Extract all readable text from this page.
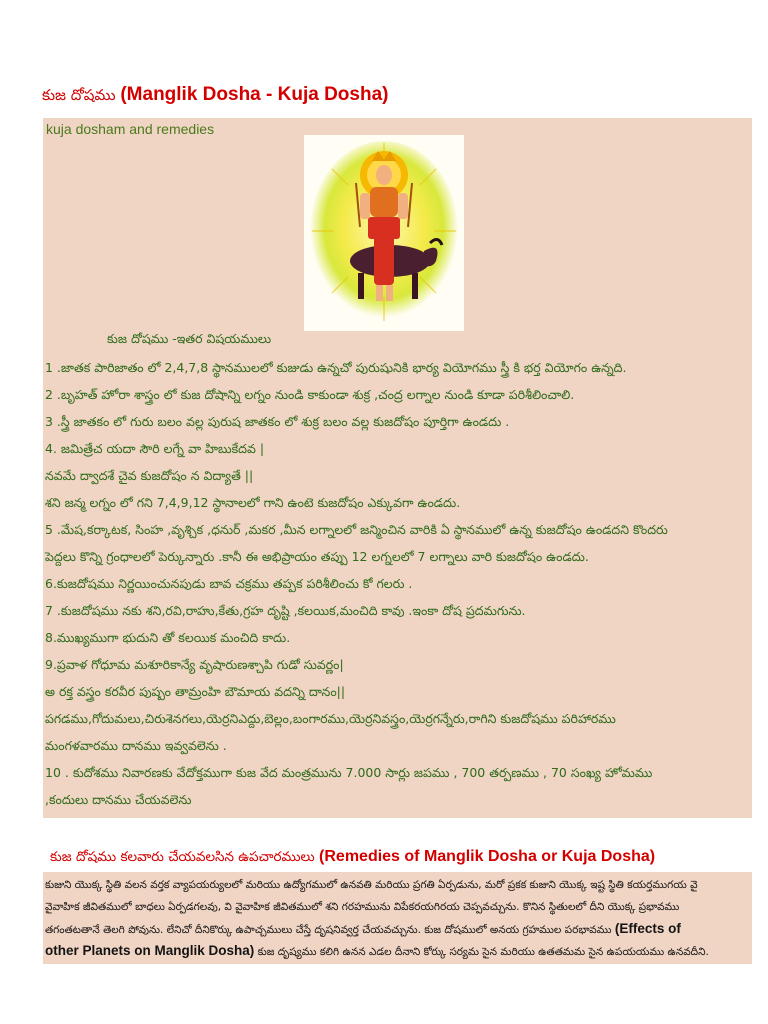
కుజ దోషము (Manglik Dosha - Kuja Dosha)
kuja dosham and remedies
కుజ దోషము -ఇతర విషయములు
1 .జాతక పారిజాతం లో 2,4,7,8 స్థానములలో కుజుడు ఉన్నచో పురుషునికి భార్య వియోగము స్త్రీ కి భర్త వియోగం ఉన్నది.
2 .బృహత్ హోరా శాస్త్రం లో కుజ దోషాన్ని లగ్నం నుండి కాకుండా శుక్ర ,చంద్ర లగ్నాల నుండి కూడా పరిశీలించాలి.
3 .స్త్రీ జాతకం లో గురు బలం వల్ల పురుష జాతకం లో శుక్ర బలం వల్ల కుజదోషం పూర్తిగా ఉండదు .
4. జమిత్రేచ యదా సౌరి లగ్నే వా హిబుకేదవ |
నవమే ద్వాదశే చైవ కుజదోషం న విద్యాతే ||
శని జన్మ లగ్నం లో గని 7,4,9,12 స్థానాలలో గాని ఉంటె కుజదోషం ఎక్కువగా ఉండదు.
5 .మేష,కర్కాటక, సింహ ,వృశ్చిక ,ధనుర్ ,మకర ,మీన లగ్నాలలో జన్మించిన వారికి ఏ స్థానములో ఉన్న కుజదోషం ఉండదని కొందరు
పెద్దలు కొన్ని గ్రంధాలలో పెర్కున్నారు .కానీ ఈ అభిప్రాయం తప్పు 12 లగ్నలలో 7 లగ్నాలు వారి కుజదోషం ఉండదు.
6.కుజదోషము నిర్ణయించునపుడు బావ చక్రము తప్పక పరిశీలించు కో గలరు .
7 .కుజదోషము నకు శని,రవి,రాహు,కేతు,గ్రహ దృష్టి ,కలయిక,మంచిది కావు .ఇంకా దోష ప్రదమగును.
8.ముఖ్యముగా భుదుని తో కలయిక మంచిది కాదు.
9.ప్రవాళ గోధూమ మశూరికాన్యే వృషారుణశ్చాపి గుడో సువర్ణం|
అ రక్త వస్త్రం కరవీర పుష్పం తామ్రంహి బౌమాయ వదన్ని దానం||
పగడము,గోదుమలు,చిరుశెనగలు,యెర్రనిఎద్దు,బెల్లం,బంగారము,యెర్రనివస్త్రం,యెర్రగన్నేరు,రాగిని కుజదోషము పరిహారము
మంగళవారము దానము ఇవ్వవలెను .
10 . కుదోశము నివారణకు వేదోక్తముగా కుజ వేద మంత్రమును 7.000 సార్లు జపము , 700 తర్పణము , 70 సంఖ్య హోమము
,కందులు దానము చేయవలెను
కుజ దోషము కలవారు చేయవలసిన ఉపచారములు (Remedies of Manglik Dosha or Kuja Dosha)
కుజుని యొక్క స్థితి వలన వర్తక వ్యాపయర్యులలో మరియు ఉద్యోగములో ఉనవతి మరియు ప్రగతి ఏర్పడును, మరో ప్రకక కుజుని యొక్క ఇష్ట స్థితి కయర్తముగయ వై
వైవాహిక జీవితములో బాధలు ఏర్పడగలవు, వి వైవాహిక జీవితములో శని గరహమును విపేకరయగిరయ చెప్పవచ్చును. కొనిన స్థితులలో దీని యొక్క ప్రభావము
తగంతటతానే తెలగి పోవును. లేనిచో దీనికొర్కు ఉపాచ్చములు చేస్తే దృషనివ్వర్త చేయవచ్చును. కుజ దోషములో అనయ గ్రహముల పరభావము (Effects of
other Planets on Manglik Dosha) కుజ దృష్యము కలిగి ఉనన ఎడల దీనాని కోర్కు సర్యమ సైన మరియు ఉతతమమ సైన ఉపయయము ఉనవదీని.
